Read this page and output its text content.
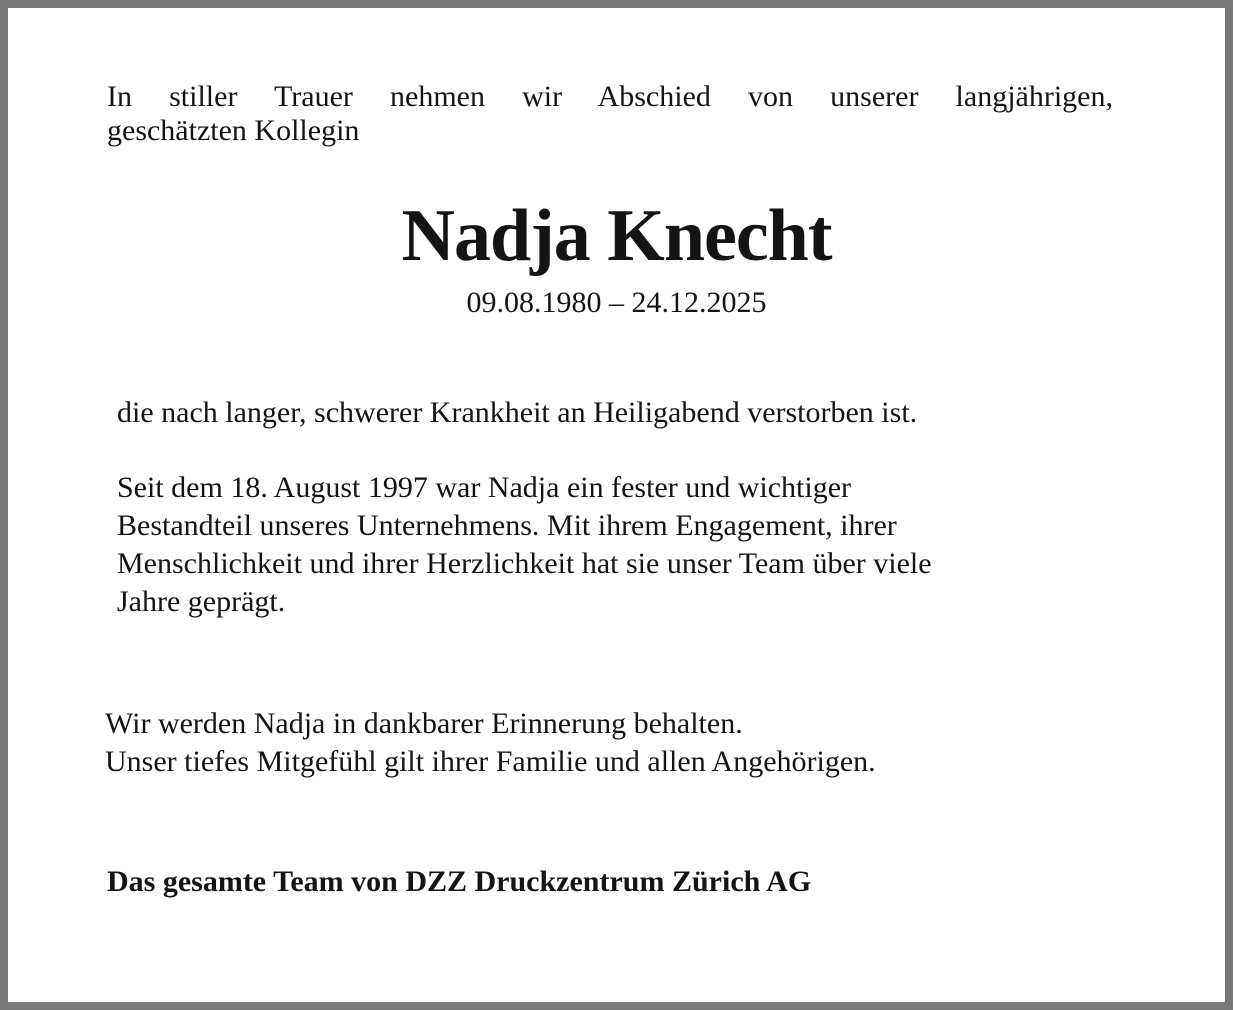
In stiller Trauer nehmen wir Abschied von unserer langjährigen,
geschätzten Kollegin
Nadja Knecht
09.08.1980 – 24.12.2025
die nach langer, schwerer Krankheit an Heiligabend verstorben ist.
Seit dem 18. August 1997 war Nadja ein fester und wichtiger
Bestandteil unseres Unternehmens. Mit ihrem Engagement, ihrer
Menschlichkeit und ihrer Herzlichkeit hat sie unser Team über viele
Jahre geprägt.
Wir werden Nadja in dankbarer Erinnerung behalten.
Unser tiefes Mitgefühl gilt ihrer Familie und allen Angehörigen.
Das gesamte Team von DZZ Druckzentrum Zürich AG
